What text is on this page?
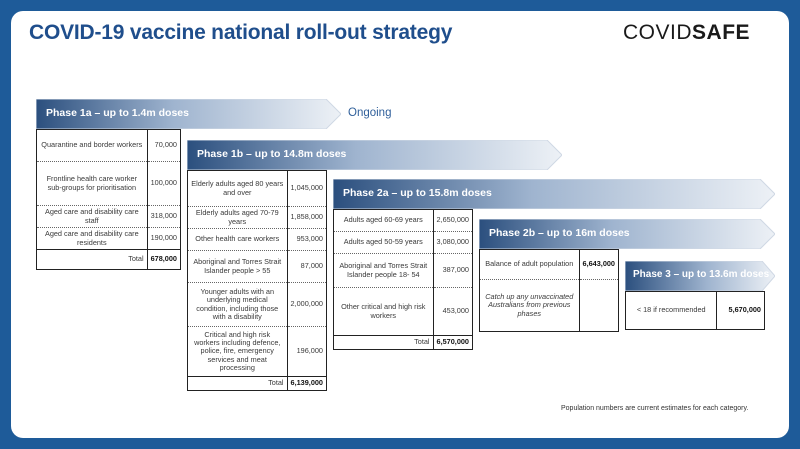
COVID-19 vaccine national roll-out strategy	COVIDSAFE
Phase 1a – up to 1.4m doses	Ongoing
Quarantine and border workers	70,000
Frontline health care worker sub-groups for prioritisation	100,000
Aged care and disability care staff	318,000
Aged care and disability care residents	190,000
Total	678,000
Phase 1b – up to 14.8m doses
Elderly adults aged 80 years and over	1,045,000
Elderly adults aged 70-79 years	1,858,000
Other health care workers	953,000
Aboriginal and Torres Strait Islander people > 55	87,000
Younger adults with an underlying medical condition, including those with a disability	2,000,000
Critical and high risk workers including defence, police, fire, emergency services and meat processing	196,000
Total	6,139,000
Phase 2a – up to 15.8m doses
Adults aged 60-69 years	2,650,000
Adults aged 50-59 years	3,080,000
Aboriginal and Torres Strait Islander people 18- 54	387,000
Other critical and high risk workers	453,000
Total	6,570,000
Phase 2b – up to 16m doses
Balance of adult population	6,643,000
Catch up any unvaccinated Australians from previous phases	
Phase 3 – up to 13.6m doses
< 18 if recommended	5,670,000
Population numbers are current estimates for each category.
